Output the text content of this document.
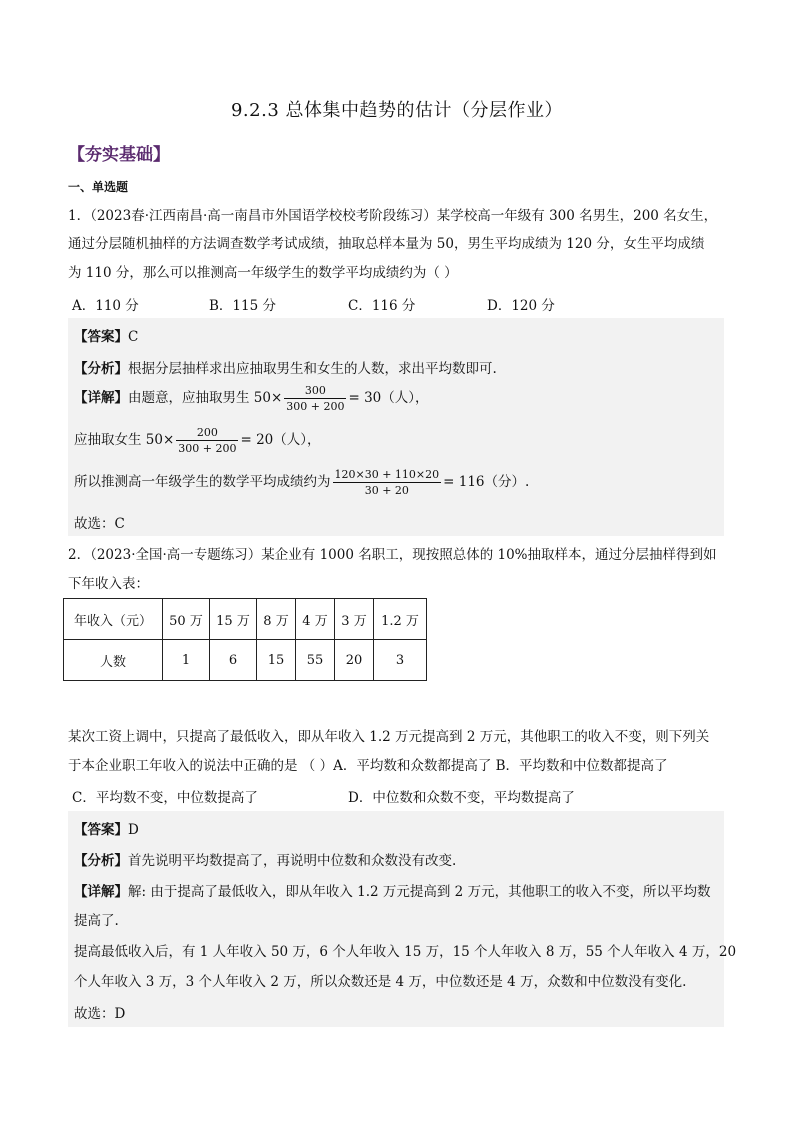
9.2.3 总体集中趋势的估计（分层作业）
【夯实基础】
一、单选题
1．（2023春·江西南昌·高一南昌市外国语学校校考阶段练习）某学校高一年级有 300 名男生，200 名女生，
通过分层随机抽样的方法调查数学考试成绩，抽取总样本量为 50，男生平均成绩为 120 分，女生平均成绩
为 110 分，那么可以推测高一年级学生的数学平均成绩约为（ ）
A．110 分	B．115 分	C．116 分	D．120 分
【答案】C
【分析】根据分层抽样求出应抽取男生和女生的人数，求出平均数即可.
【详解】由题意，应抽取男生 $50\times \frac{300}{300 + 200} = 30$（人），
应抽取女生 $50\times \frac{200}{300 + 200} = 20$（人），
所以推测高一年级学生的数学平均成绩约为 $\frac{120\times 30 + 110\times 20}{30 + 20} = 116$（分）.
故选：C
2．（2023·全国·高一专题练习）某企业有 1000 名职工，现按照总体的 10%抽取样本，通过分层抽样得到如
下年收入表：
年收入（元）	50 万	15 万	8 万	4 万	3 万	1.2 万
人数	1	6	15	55	20	3
某次工资上调中，只提高了最低收入，即从年收入 1.2 万元提高到 2 万元，其他职工的收入不变，则下列关
于本企业职工年收入的说法中正确的是 （ ）A．平均数和众数都提高了 B．平均数和中位数都提高了
C．平均数不变，中位数提高了	D．中位数和众数不变，平均数提高了
【答案】D
【分析】首先说明平均数提高了，再说明中位数和众数没有改变.
【详解】解: 由于提高了最低收入，即从年收入 1.2 万元提高到 2 万元，其他职工的收入不变，所以平均数
提高了.
提高最低收入后，有 1 人年收入 50 万，6 个人年收入 15 万，15 个人年收入 8 万，55 个人年收入 4 万，20
个人年收入 3 万，3 个人年收入 2 万，所以众数还是 4 万，中位数还是 4 万，众数和中位数没有变化.
故选：D
